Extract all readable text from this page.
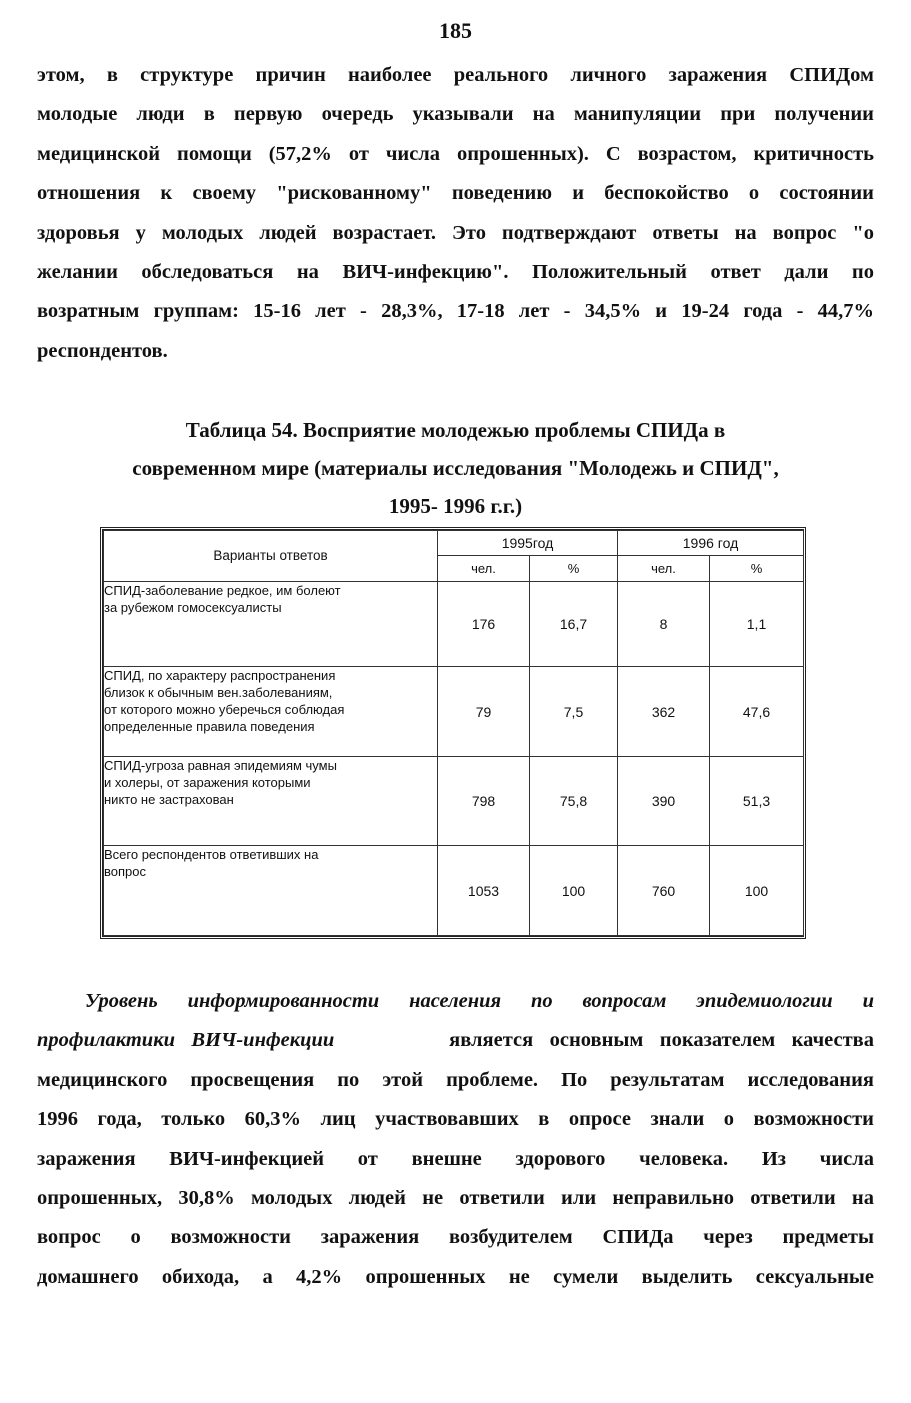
185
этом, в структуре причин наиболее реального личного заражения СПИДом
молодые люди в первую очередь указывали на манипуляции при получении
медицинской помощи (57,2% от числа опрошенных). С возрастом, критичность
отношения к своему "рискованному" поведению и беспокойство о состоянии
здоровья у молодых людей возрастает. Это подтверждают ответы на вопрос "о
желании обследоваться на ВИЧ-инфекцию". Положительный ответ дали по
возратным группам: 15-16 лет - 28,3%, 17-18 лет - 34,5% и 19-24 года - 44,7%
респондентов.
Таблица 54. Восприятие молодежью проблемы СПИДа в
современном мире (материалы исследования "Молодежь и СПИД",
1995- 1996 г.г.)
Варианты ответов	1995год		1996 год	
	чел.	%	чел.	%

СПИД-заболевание редкое, им болеют
за рубежом гомосексуалисты	176	16,7	8	1,1

СПИД, по характеру распространения
близок к обычным вен.заболеваниям,
от которого можно уберечься соблюдая
определенные правила поведения	79	7,5	362	47,6

СПИД-угроза равная эпидемиям чумы
и холеры, от заражения которыми
никто не застрахован	798	75,8	390	51,3

Всего респондентов ответивших на
вопрос	1053	100	760	100
Уровень информированности населения по вопросам эпидемиологии и
профилактики ВИЧ-инфекции	является основным показателем качества
медицинского просвещения по этой проблеме. По результатам исследования
1996 года, только 60,3% лиц участвовавших в опросе знали о возможности
заражения ВИЧ-инфекцией от внешне здорового человека. Из числа
опрошенных, 30,8% молодых людей не ответили или неправильно ответили на
вопрос о возможности заражения возбудителем СПИДа через предметы
домашнего обихода, а 4,2% опрошенных не сумели выделить сексуальные
